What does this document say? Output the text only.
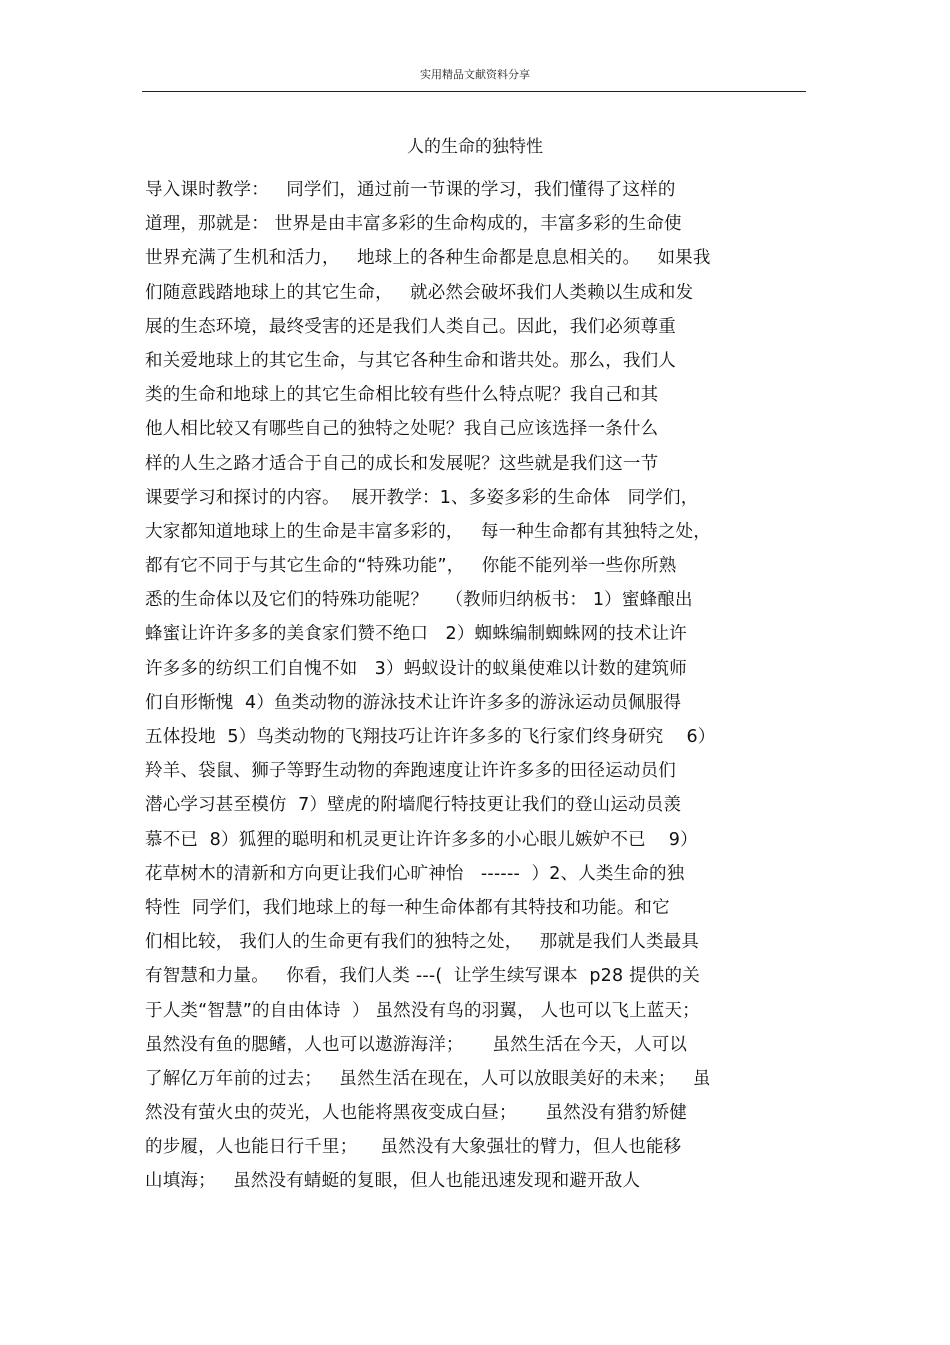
实用精品文献资料分享
人的生命的独特性
导入课时教学：   同学们，通过前一节课的学习，我们懂得了这样的
道理，那就是： 世界是由丰富多彩的生命构成的，丰富多彩的生命使
世界充满了生机和活力，   地球上的各种生命都是息息相关的。   如果我
们随意践踏地球上的其它生命，   就必然会破坏我们人类赖以生成和发
展的生态环境，最终受害的还是我们人类自己。因此，我们必须尊重
和关爱地球上的其它生命，与其它各种生命和谐共处。那么，我们人
类的生命和地球上的其它生命相比较有些什么特点呢？我自己和其
他人相比较又有哪些自己的独特之处呢？我自己应该选择一条什么
样的人生之路才适合于自己的成长和发展呢？这些就是我们这一节
课要学习和探讨的内容。  展开教学：1、多姿多彩的生命体   同学们，
大家都知道地球上的生命是丰富多彩的，   每一种生命都有其独特之处，
都有它不同于与其它生命的“特殊功能”，   你能不能列举一些你所熟
悉的生命体以及它们的特殊功能呢？   （教师归纳板书： 1）蜜蜂酿出
蜂蜜让许许多多的美食家们赞不绝口   2）蜘蛛编制蜘蛛网的技术让许
许多多的纺织工们自愧不如   3）蚂蚁设计的蚁巢使难以计数的建筑师
们自形惭愧  4）鱼类动物的游泳技术让许许多多的游泳运动员佩服得
五体投地  5）鸟类动物的飞翔技巧让许许多多的飞行家们终身研究    6）
羚羊、袋鼠、狮子等野生动物的奔跑速度让许许多多的田径运动员们
潜心学习甚至模仿  7）壁虎的附墙爬行特技更让我们的登山运动员羡
慕不已  8）狐狸的聪明和机灵更让许许多多的小心眼儿嫉妒不已    9）
花草树木的清新和方向更让我们心旷神怡   ------  ）2、人类生命的独
特性  同学们，我们地球上的每一种生命体都有其特技和功能。和它
们相比较， 我们人的生命更有我们的独特之处，   那就是我们人类最具
有智慧和力量。   你看，我们人类 ---(  让学生续写课本  p28 提供的关
于人类“智慧”的自由体诗  ） 虽然没有鸟的羽翼， 人也可以飞上蓝天；
虽然没有鱼的腮鳍，人也可以遨游海洋；     虽然生活在今天，人可以
了解亿万年前的过去；   虽然生活在现在，人可以放眼美好的未来；   虽
然没有萤火虫的荧光，人也能将黑夜变成白昼；     虽然没有猎豹矫健
的步履，人也能日行千里；    虽然没有大象强壮的臂力，但人也能移
山填海；   虽然没有蜻蜓的复眼，但人也能迅速发现和避开敌人
